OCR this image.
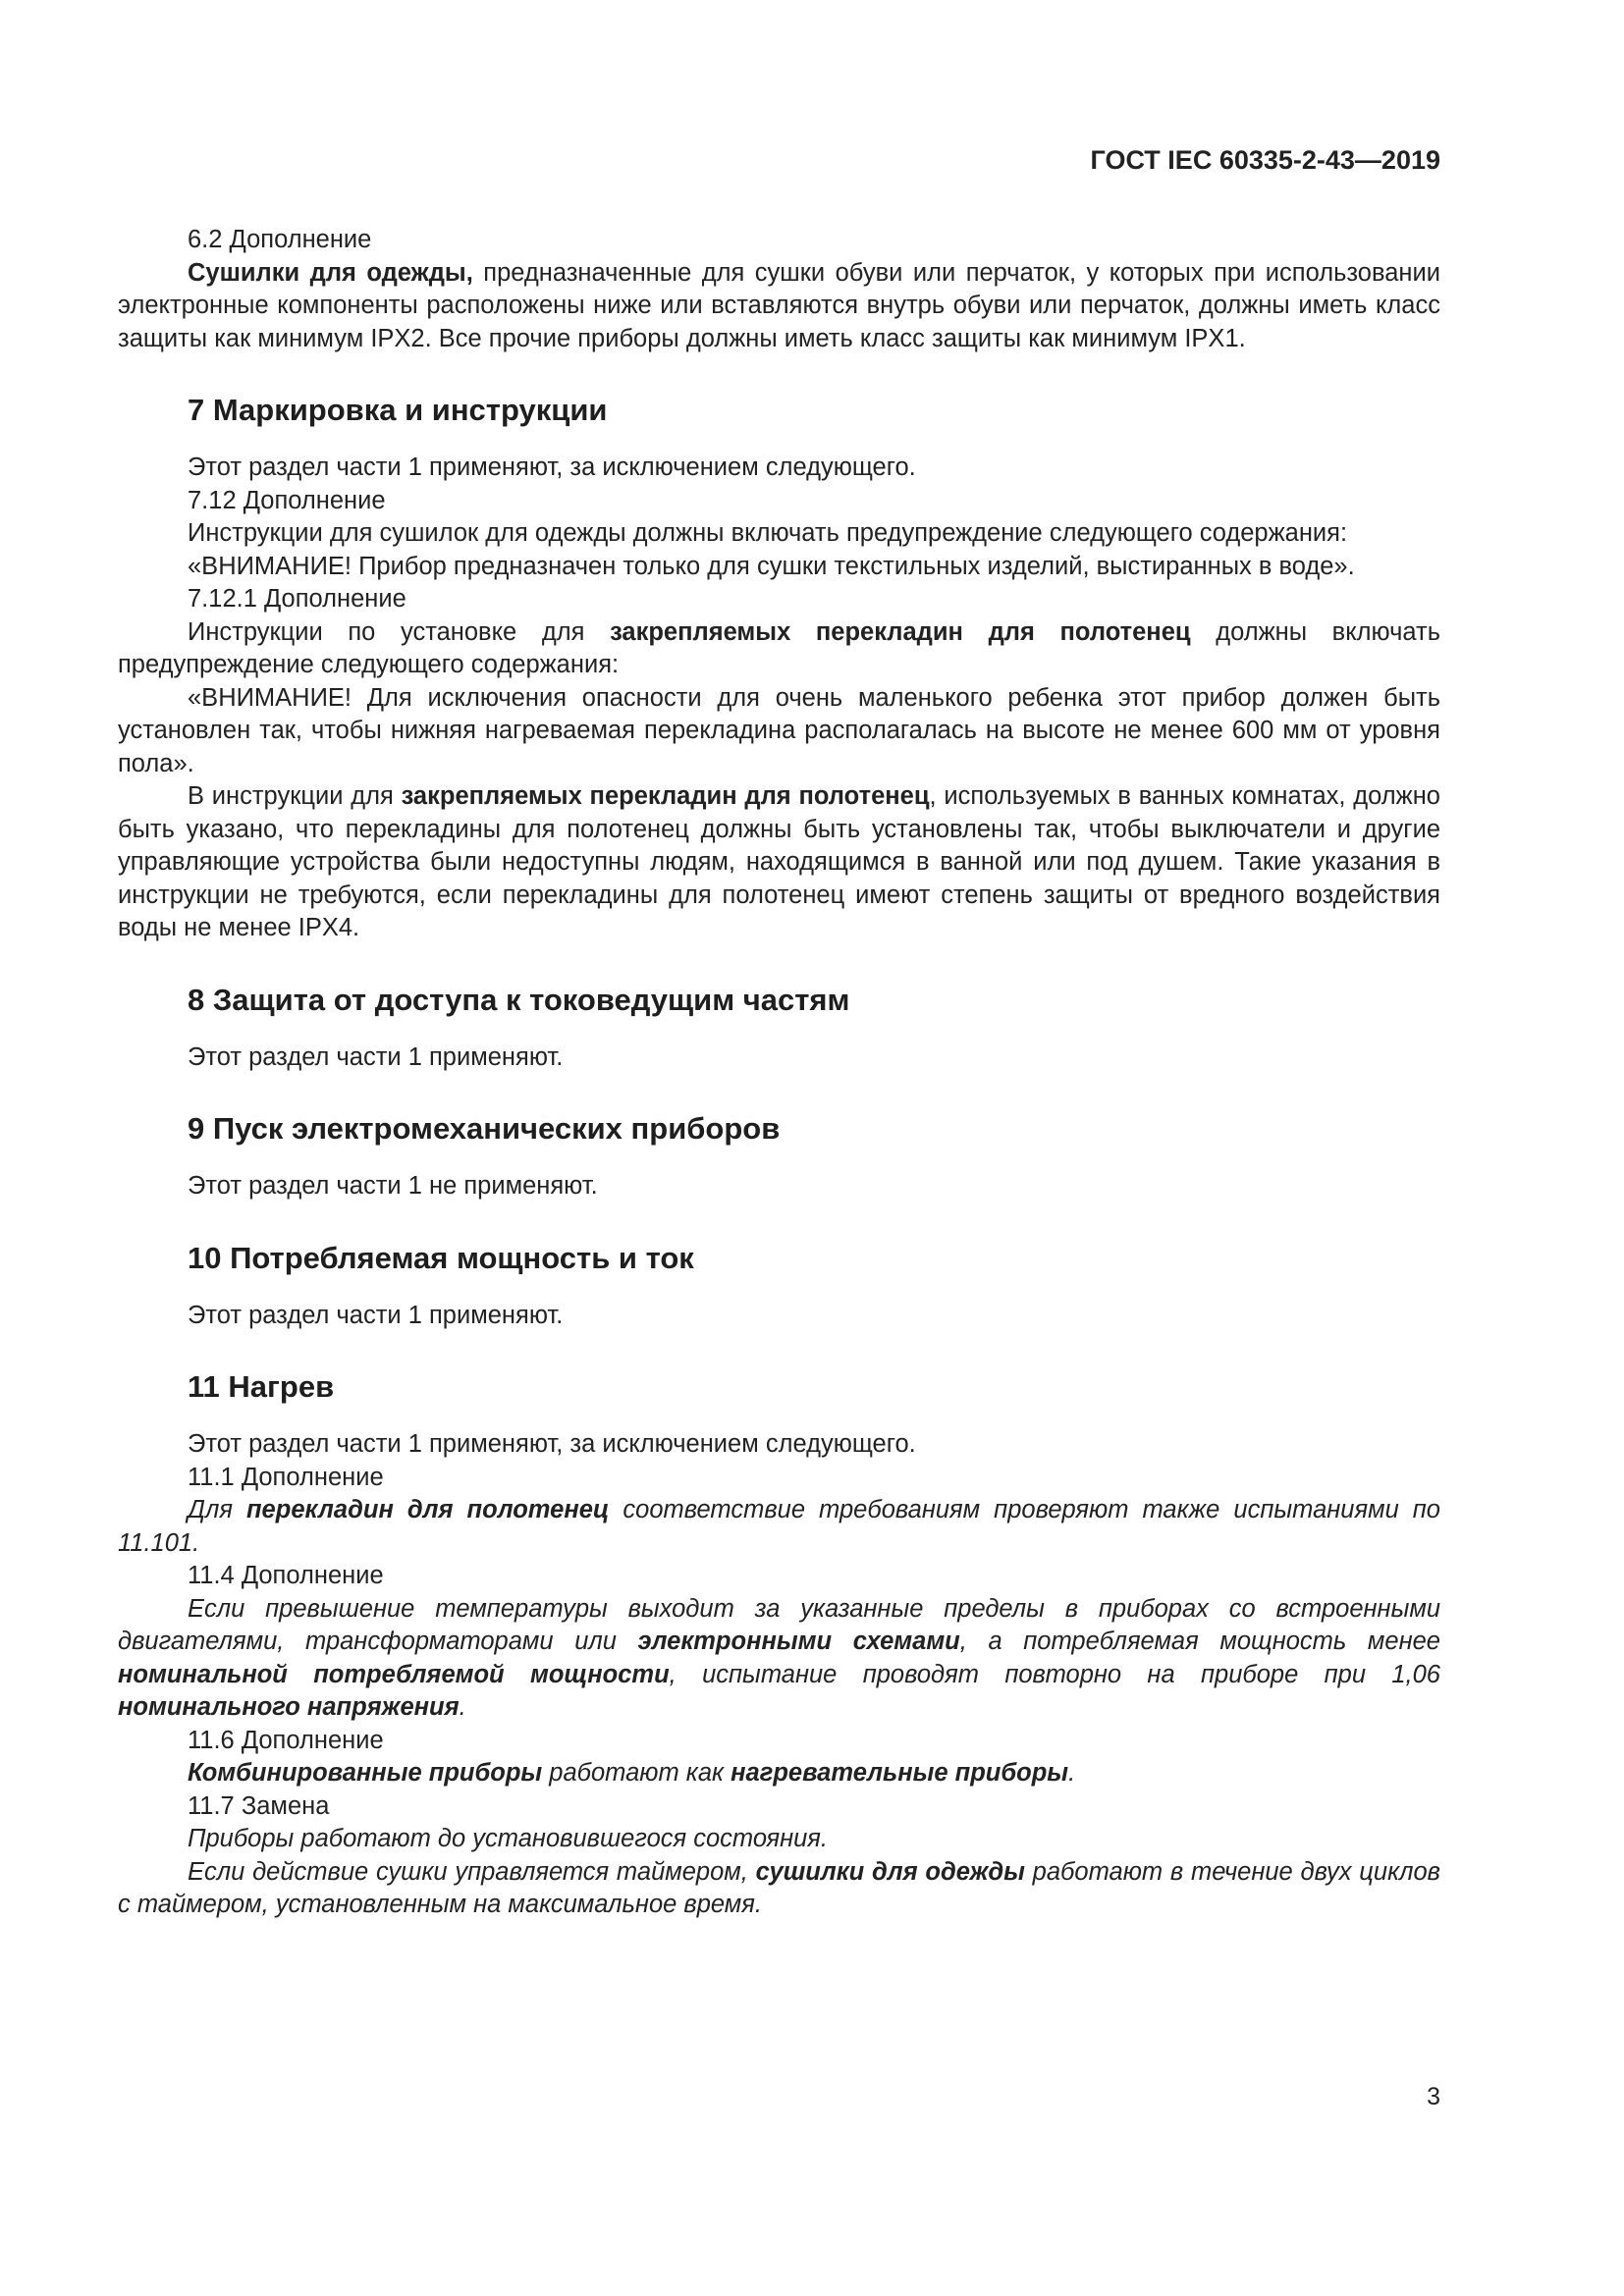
ГОСТ IEC 60335-2-43—2019

6.2 Дополнение

Сушилки для одежды, предназначенные для сушки обуви или перчаток, у которых при использовании электронные компоненты расположены ниже или вставляются внутрь обуви или перчаток, должны иметь класс защиты как минимум IPX2. Все прочие приборы должны иметь класс защиты как минимум IPX1.

7 Маркировка и инструкции

Этот раздел части 1 применяют, за исключением следующего.

7.12 Дополнение

Инструкции для сушилок для одежды должны включать предупреждение следующего содержания:

«ВНИМАНИЕ! Прибор предназначен только для сушки текстильных изделий, выстиранных в воде».

7.12.1 Дополнение

Инструкции по установке для закрепляемых перекладин для полотенец должны включать предупреждение следующего содержания:

«ВНИМАНИЕ! Для исключения опасности для очень маленького ребенка этот прибор должен быть установлен так, чтобы нижняя нагреваемая перекладина располагалась на высоте не менее 600 мм от уровня пола».

В инструкции для закрепляемых перекладин для полотенец, используемых в ванных комнатах, должно быть указано, что перекладины для полотенец должны быть установлены так, чтобы выключатели и другие управляющие устройства были недоступны людям, находящимся в ванной или под душем. Такие указания в инструкции не требуются, если перекладины для полотенец имеют степень защиты от вредного воздействия воды не менее IPX4.

8 Защита от доступа к токоведущим частям

Этот раздел части 1 применяют.

9 Пуск электромеханических приборов

Этот раздел части 1 не применяют.

10 Потребляемая мощность и ток

Этот раздел части 1 применяют.

11 Нагрев

Этот раздел части 1 применяют, за исключением следующего.

11.1 Дополнение

Для перекладин для полотенец соответствие требованиям проверяют также испытаниями по 11.101.

11.4 Дополнение

Если превышение температуры выходит за указанные пределы в приборах со встроенными двигателями, трансформаторами или электронными схемами, а потребляемая мощность менее номинальной потребляемой мощности, испытание проводят повторно на приборе при 1,06 номинального напряжения.

11.6 Дополнение

Комбинированные приборы работают как нагревательные приборы.

11.7 Замена

Приборы работают до установившегося состояния.

Если действие сушки управляется таймером, сушилки для одежды работают в течение двух циклов с таймером, установленным на максимальное время.

3
